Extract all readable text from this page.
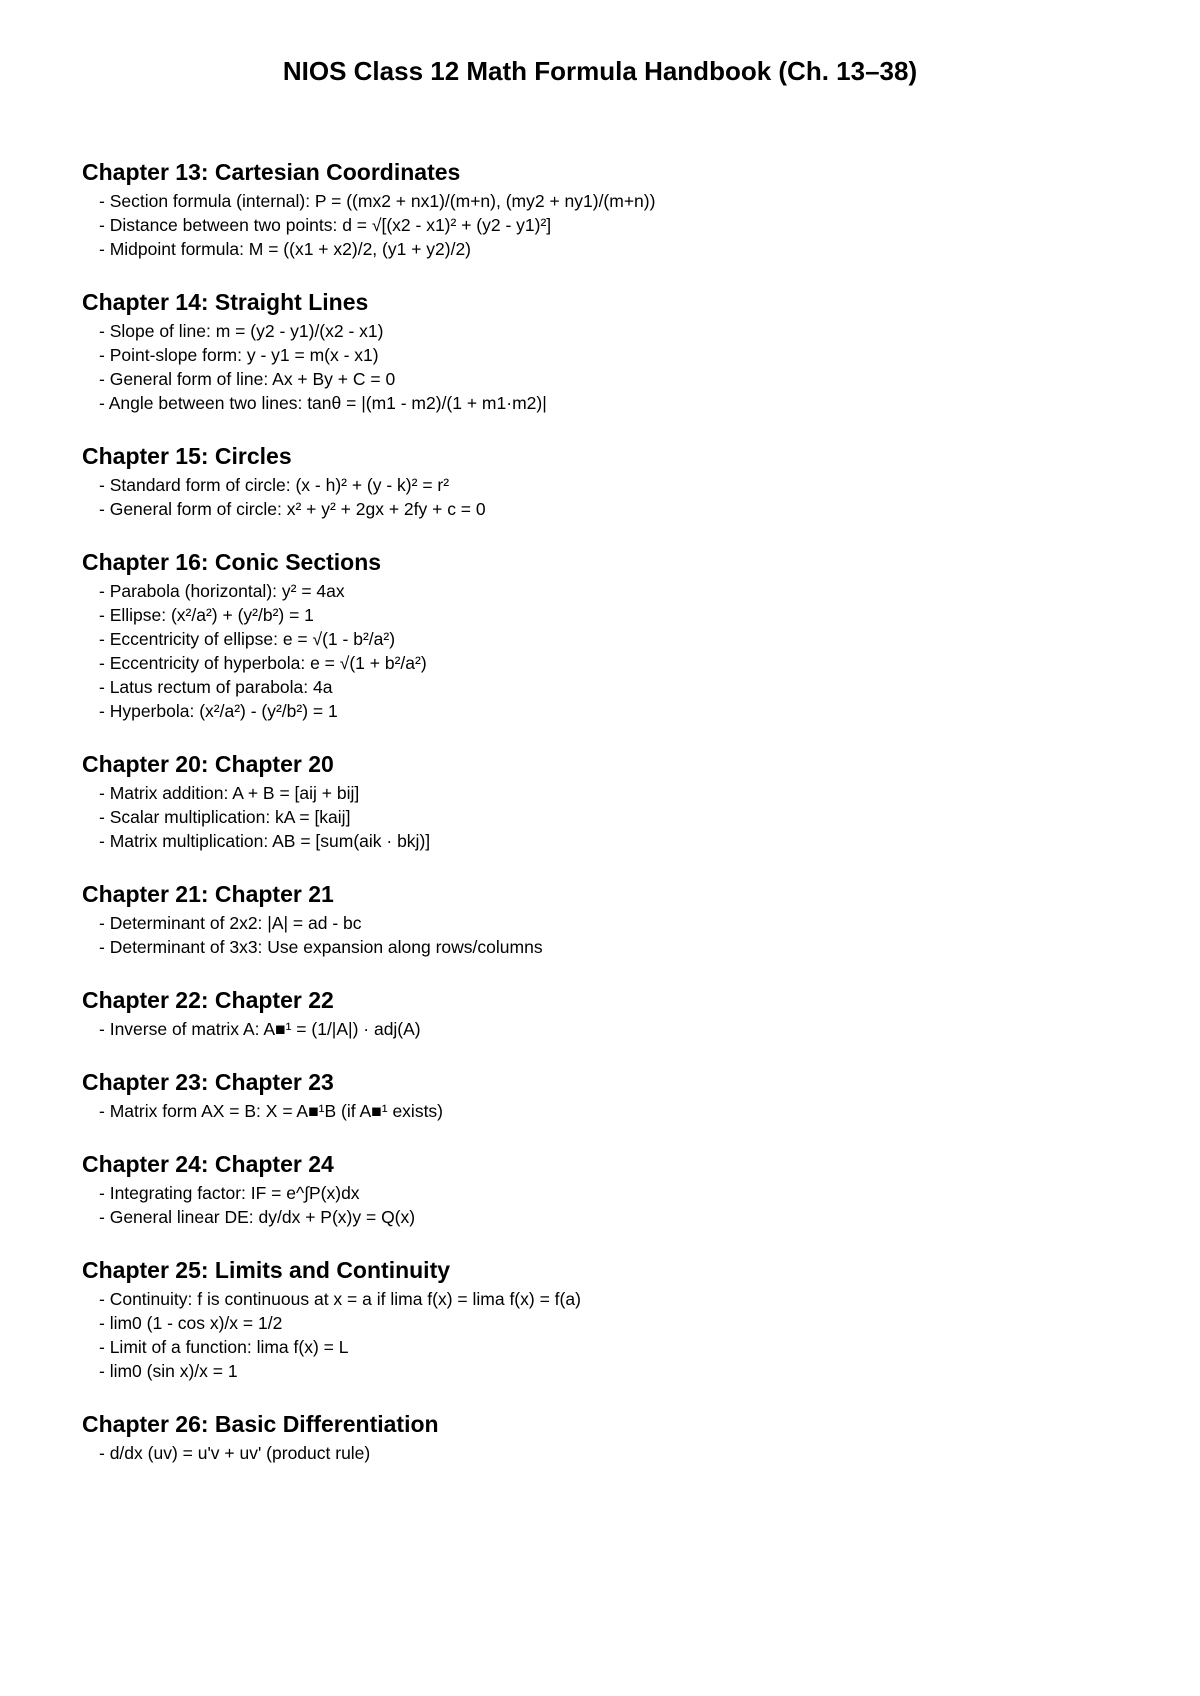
NIOS Class 12 Math Formula Handbook (Ch. 13–38)
Chapter 13: Cartesian Coordinates
- Section formula (internal): P = ((mx2 + nx1)/(m+n), (my2 + ny1)/(m+n))
- Distance between two points: d = √[(x2 - x1)² + (y2 - y1)²]
- Midpoint formula: M = ((x1 + x2)/2, (y1 + y2)/2)
Chapter 14: Straight Lines
- Slope of line: m = (y2 - y1)/(x2 - x1)
- Point-slope form: y - y1 = m(x - x1)
- General form of line: Ax + By + C = 0
- Angle between two lines: tanθ = |(m1 - m2)/(1 + m1·m2)|
Chapter 15: Circles
- Standard form of circle: (x - h)² + (y - k)² = r²
- General form of circle: x² + y² + 2gx + 2fy + c = 0
Chapter 16: Conic Sections
- Parabola (horizontal): y² = 4ax
- Ellipse: (x²/a²) + (y²/b²) = 1
- Eccentricity of ellipse: e = √(1 - b²/a²)
- Eccentricity of hyperbola: e = √(1 + b²/a²)
- Latus rectum of parabola: 4a
- Hyperbola: (x²/a²) - (y²/b²) = 1
Chapter 20: Chapter 20
- Matrix addition: A + B = [aij + bij]
- Scalar multiplication: kA = [kaij]
- Matrix multiplication: AB = [sum(aik · bkj)]
Chapter 21: Chapter 21
- Determinant of 2x2: |A| = ad - bc
- Determinant of 3x3: Use expansion along rows/columns
Chapter 22: Chapter 22
- Inverse of matrix A: A■¹ = (1/|A|) · adj(A)
Chapter 23: Chapter 23
- Matrix form AX = B: X = A■¹B (if A■¹ exists)
Chapter 24: Chapter 24
- Integrating factor: IF = e^∫P(x)dx
- General linear DE: dy/dx + P(x)y = Q(x)
Chapter 25: Limits and Continuity
- Continuity: f is continuous at x = a if lima f(x) = lima f(x) = f(a)
- lim0 (1 - cos x)/x = 1/2
- Limit of a function: lima f(x) = L
- lim0 (sin x)/x = 1
Chapter 26: Basic Differentiation
- d/dx (uv) = u'v + uv' (product rule)
